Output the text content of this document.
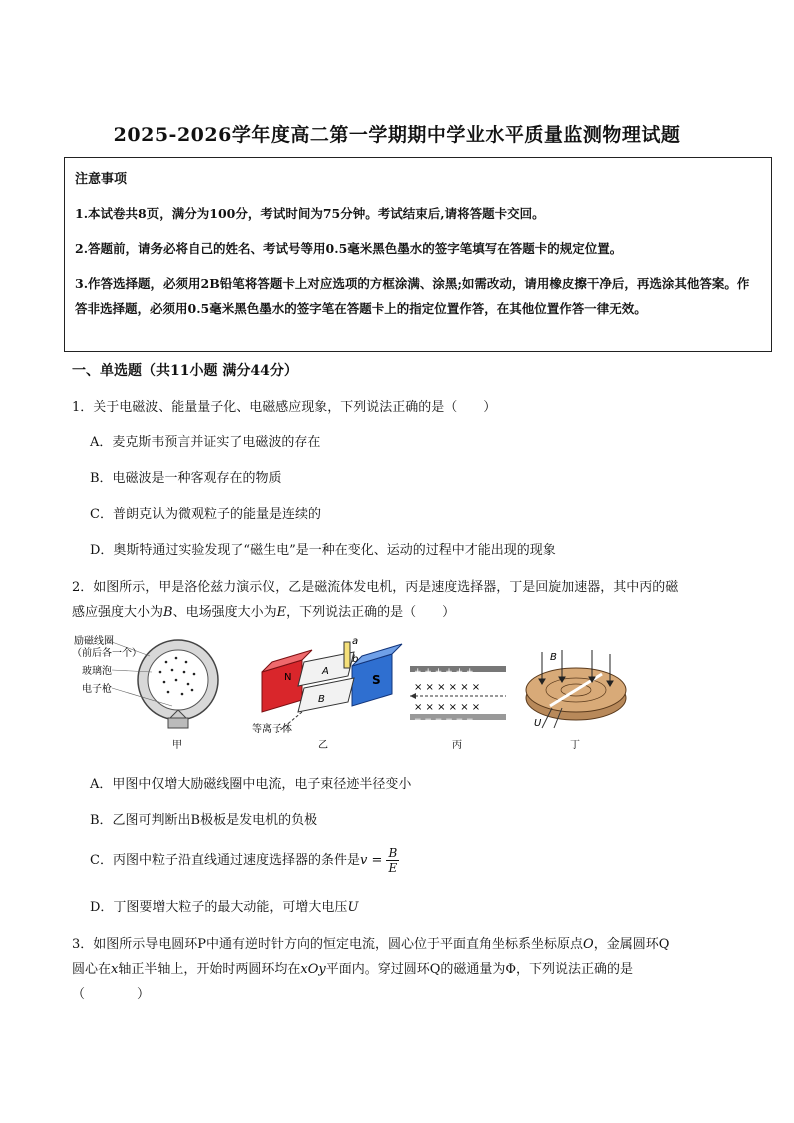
2025-2026学年度高二第一学期期中学业水平质量监测物理试题
注意事项

1.本试卷共8页，满分为100分，考试时间为75分钟。考试结束后,请将答题卡交回。

2.答题前，请务必将自己的姓名、考试号等用0.5毫米黑色墨水的签字笔填写在答题卡的规定位置。

3.作答选择题，必须用2B铅笔将答题卡上对应选项的方框涂满、涂黑;如需改动，请用橡皮擦干净后，再选涂其他答案。作答非选择题，必须用0.5毫米黑色墨水的签字笔在答题卡上的指定位置作答，在其他位置作答一律无效。

一、单选题（共11小题 满分44分）
1．关于电磁波、能量量子化、电磁感应现象，下列说法正确的是（　　）
A．麦克斯韦预言并证实了电磁波的存在
B．电磁波是一种客观存在的物质
C．普朗克认为微观粒子的能量是连续的
D．奥斯特通过实验发现了“磁生电”是一种在变化、运动的过程中才能出现的现象
2．如图所示，甲是洛伦兹力演示仪，乙是磁流体发电机，丙是速度选择器，丁是回旋加速器，其中丙的磁
感应强度大小为B、电场强度大小为E，下列说法正确的是（　　）
励磁线圈
（前后各一个）
玻璃泡
电子枪
甲
N	S
A
B
a
b
等离子体
乙
+ + + + + +
× × × × × ×
× × × × × ×
− − − − − −
丙
B
U
丁
A．甲图中仅增大励磁线圈中电流，电子束径迹半径变小
B．乙图可判断出B极板是发电机的负极
C．丙图中粒子沿直线通过速度选择器的条件是$v = \frac{B}{E}$
D．丁图要增大粒子的最大动能，可增大电压U
3．如图所示导电圆环P中通有逆时针方向的恒定电流，圆心位于平面直角坐标系坐标原点O，金属圆环Q
圆心在x轴正半轴上，开始时两圆环均在xOy平面内。穿过圆环Q的磁通量为Φ，下列说法正确的是
（　　　　）
